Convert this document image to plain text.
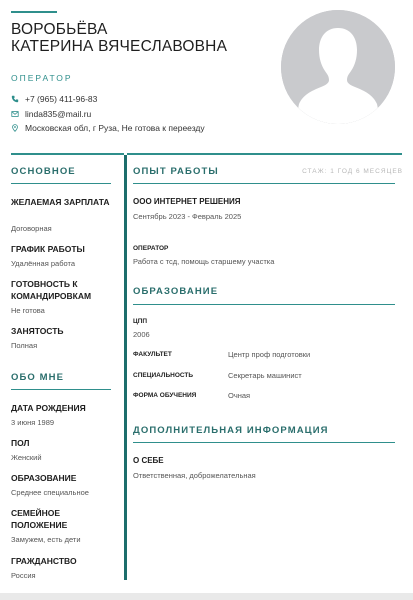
ВОРОБЬЁВА
КАТЕРИНА ВЯЧЕСЛАВОВНА
ОПЕРАТОР
+7 (965) 411-96-83
linda835@mail.ru
Московская обл, г Руза, Не готова к переезду
ОСНОВНОЕ
ЖЕЛАЕМАЯ ЗАРПЛАТА
Договорная
ГРАФИК РАБОТЫ
Удалённая работа
ГОТОВНОСТЬ К КОМАНДИРОВКАМ
Не готова
ЗАНЯТОСТЬ
Полная
ОБО МНЕ
ДАТА РОЖДЕНИЯ
3 июня 1989
ПОЛ
Женский
ОБРАЗОВАНИЕ
Среднее специальное
СЕМЕЙНОЕ ПОЛОЖЕНИЕ
Замужем, есть дети
ГРАЖДАНСТВО
Россия
ОПЫТ РАБОТЫ	СТАЖ: 1 ГОД 6 МЕСЯЦЕВ
ООО ИНТЕРНЕТ РЕШЕНИЯ
Сентябрь 2023 - Февраль 2025
ОПЕРАТОР
Работа с тсд, помощь старшему участка
ОБРАЗОВАНИЕ
ЦПП
2006
ФАКУЛЬТЕТ	Центр проф подготовки
СПЕЦИАЛЬНОСТЬ	Секретарь машинист
ФОРМА ОБУЧЕНИЯ	Очная
ДОПОЛНИТЕЛЬНАЯ ИНФОРМАЦИЯ
О СЕБЕ
Ответственная, доброжелательная
